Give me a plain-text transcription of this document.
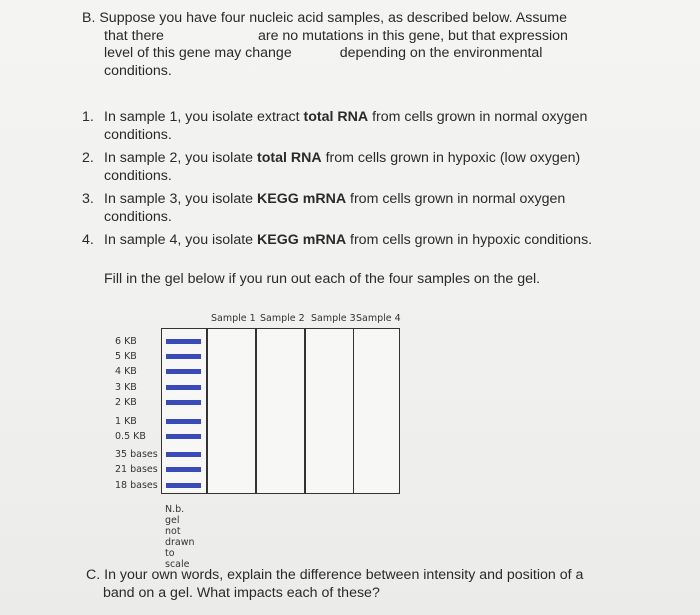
B. Suppose you have four nucleic acid samples, as described below. Assume
that there	are no mutations in this gene, but that expression
level of this gene may change	depending on the environmental
conditions.
1. In sample 1, you isolate extract total RNA from cells grown in normal oxygen
conditions.
2. In sample 2, you isolate total RNA from cells grown in hypoxic (low oxygen)
conditions.
3. In sample 3, you isolate KEGG mRNA from cells grown in normal oxygen
conditions.
4. In sample 4, you isolate KEGG mRNA from cells grown in hypoxic conditions.
Fill in the gel below if you run out each of the four samples on the gel.
Sample 1 Sample 2 Sample 3 Sample 4
6 KB
5 KB
4 KB
3 KB
2 KB
1 KB
0.5 KB
35 bases
21 bases
18 bases
N.b. gel not drawn to scale
C. In your own words, explain the difference between intensity and position of a
band on a gel. What impacts each of these?
